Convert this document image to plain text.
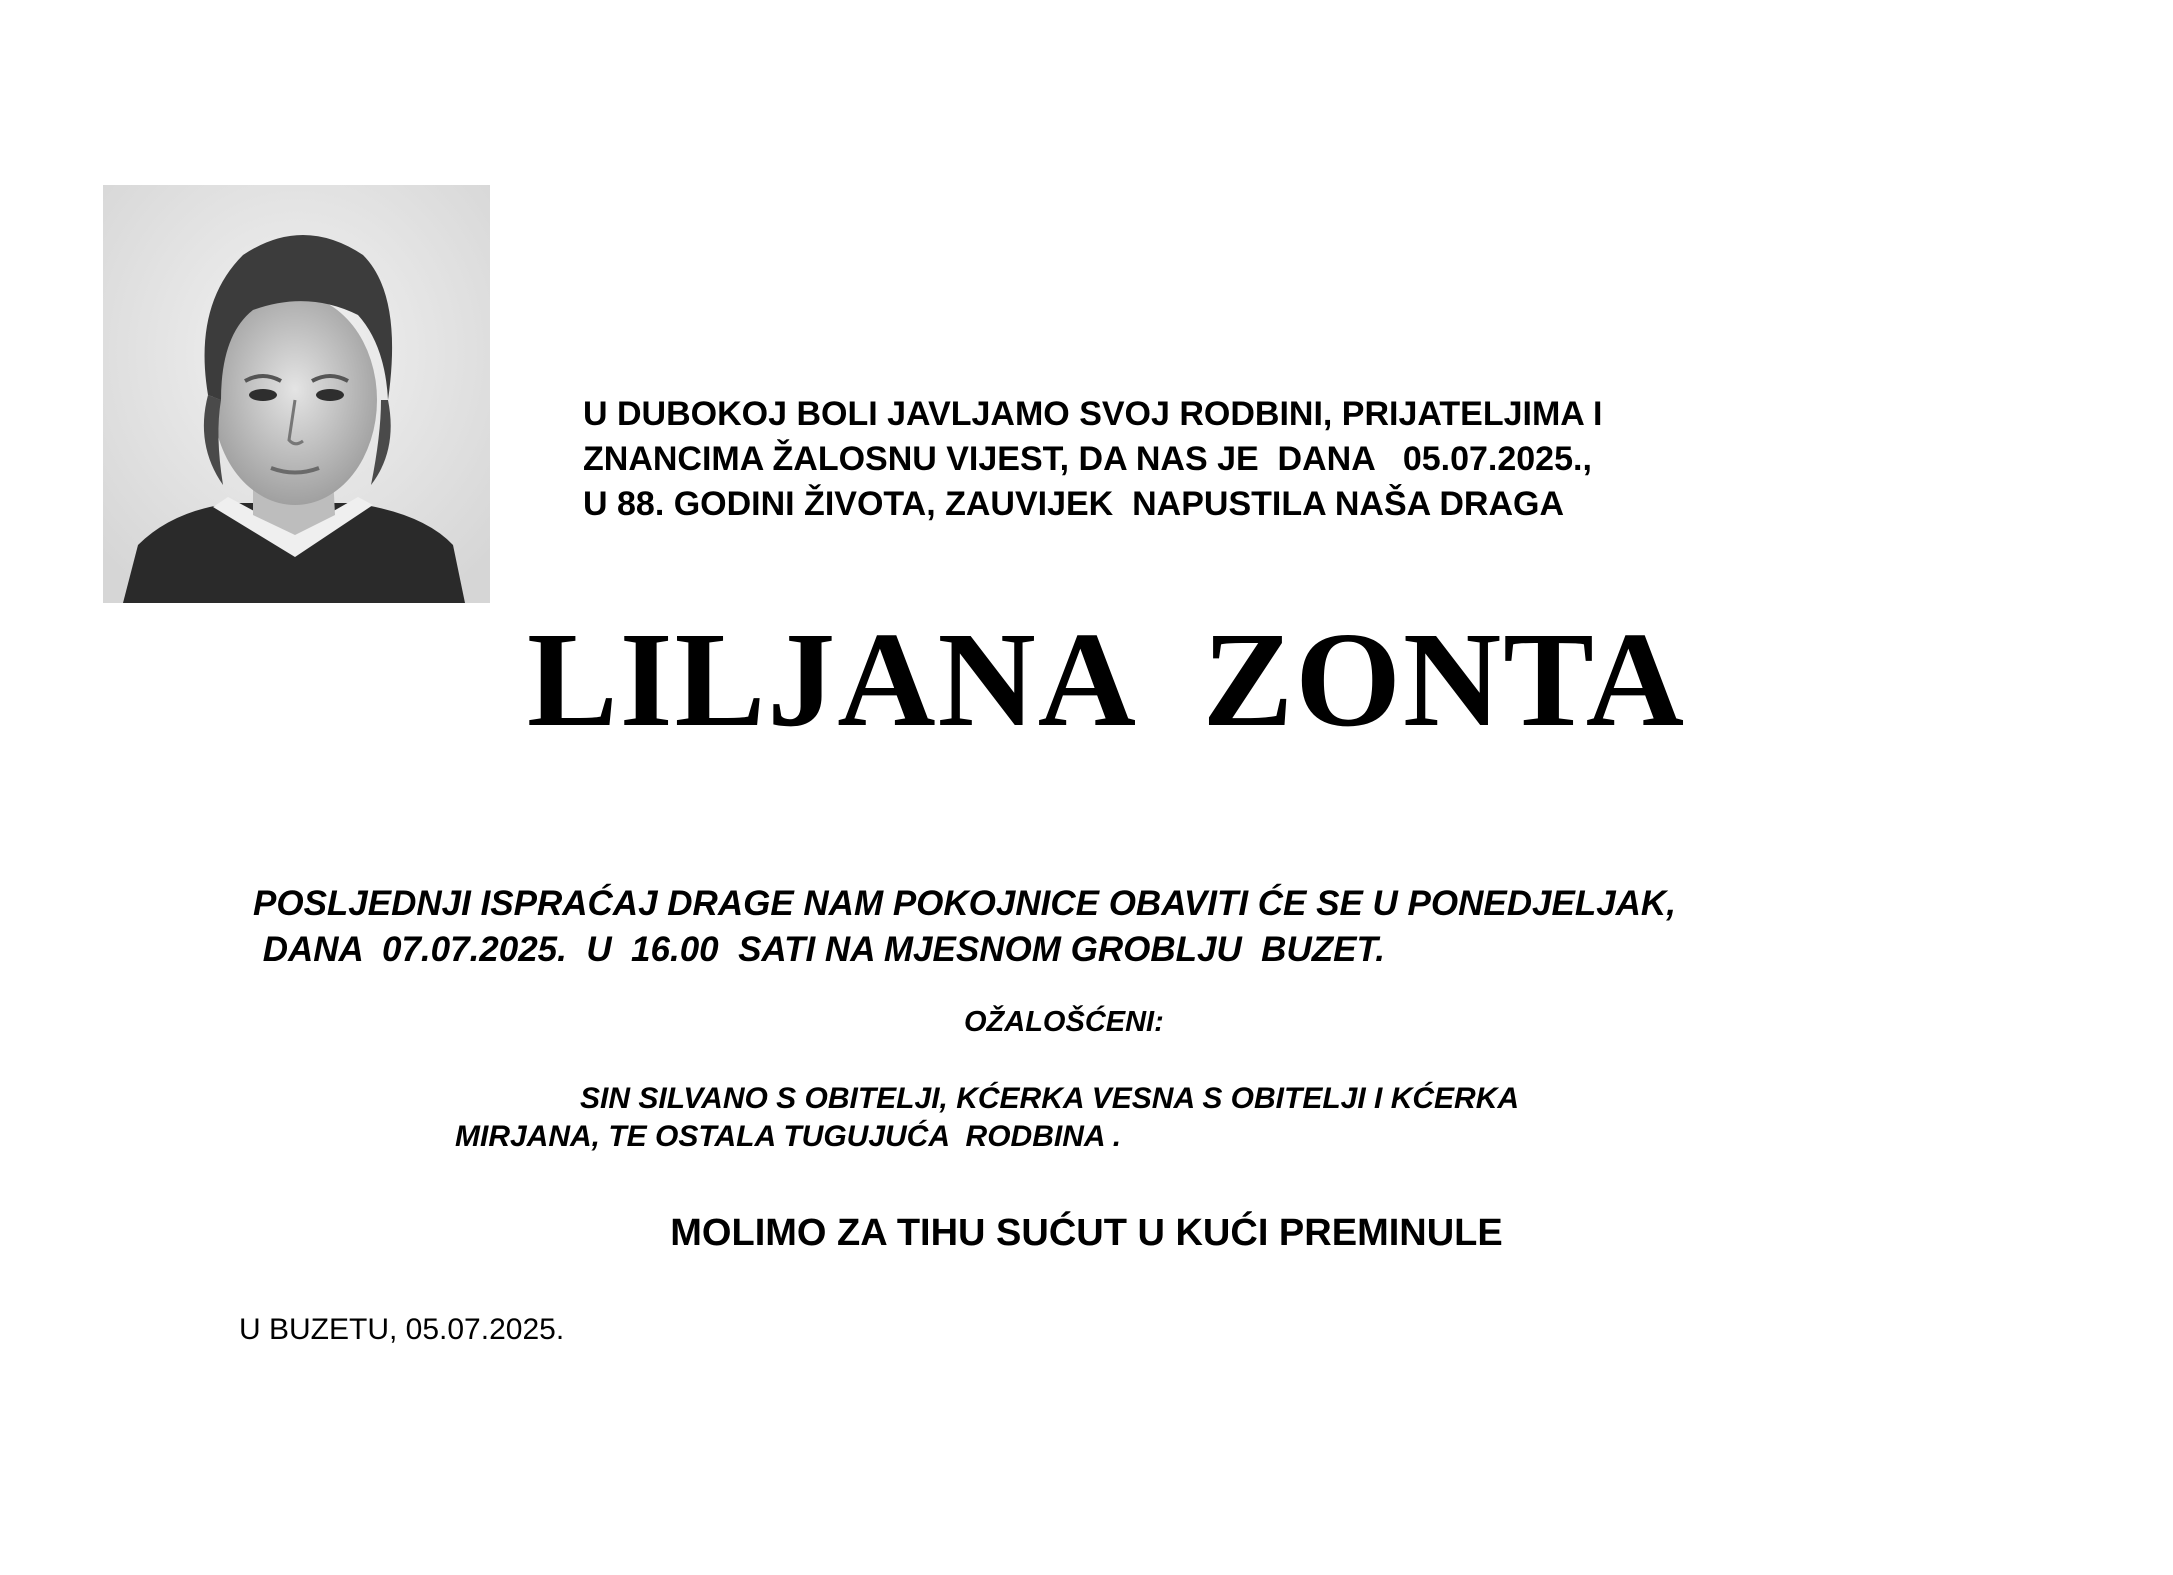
U DUBOKOJ BOLI JAVLJAMO SVOJ RODBINI, PRIJATELJIMA I
ZNANCIMA ŽALOSNU VIJEST, DA NAS JE  DANA   05.07.2025.,
U 88. GODINI ŽIVOTA, ZAUVIJEK  NAPUSTILA NAŠA DRAGA
LILJANA  ZONTA
POSLJEDNJI ISPRAĆAJ DRAGE NAM POKOJNICE OBAVITI ĆE SE U PONEDJELJAK,
DANA  07.07.2025.  U  16.00  SATI NA MJESNOM GROBLJU  BUZET.
OŽALOŠĆENI:
SIN SILVANO S OBITELJI, KĆERKA VESNA S OBITELJI I KĆERKA
MIRJANA, TE OSTALA TUGUJUĆA  RODBINA .
MOLIMO ZA TIHU SUĆUT U KUĆI PREMINULE
U BUZETU, 05.07.2025.
